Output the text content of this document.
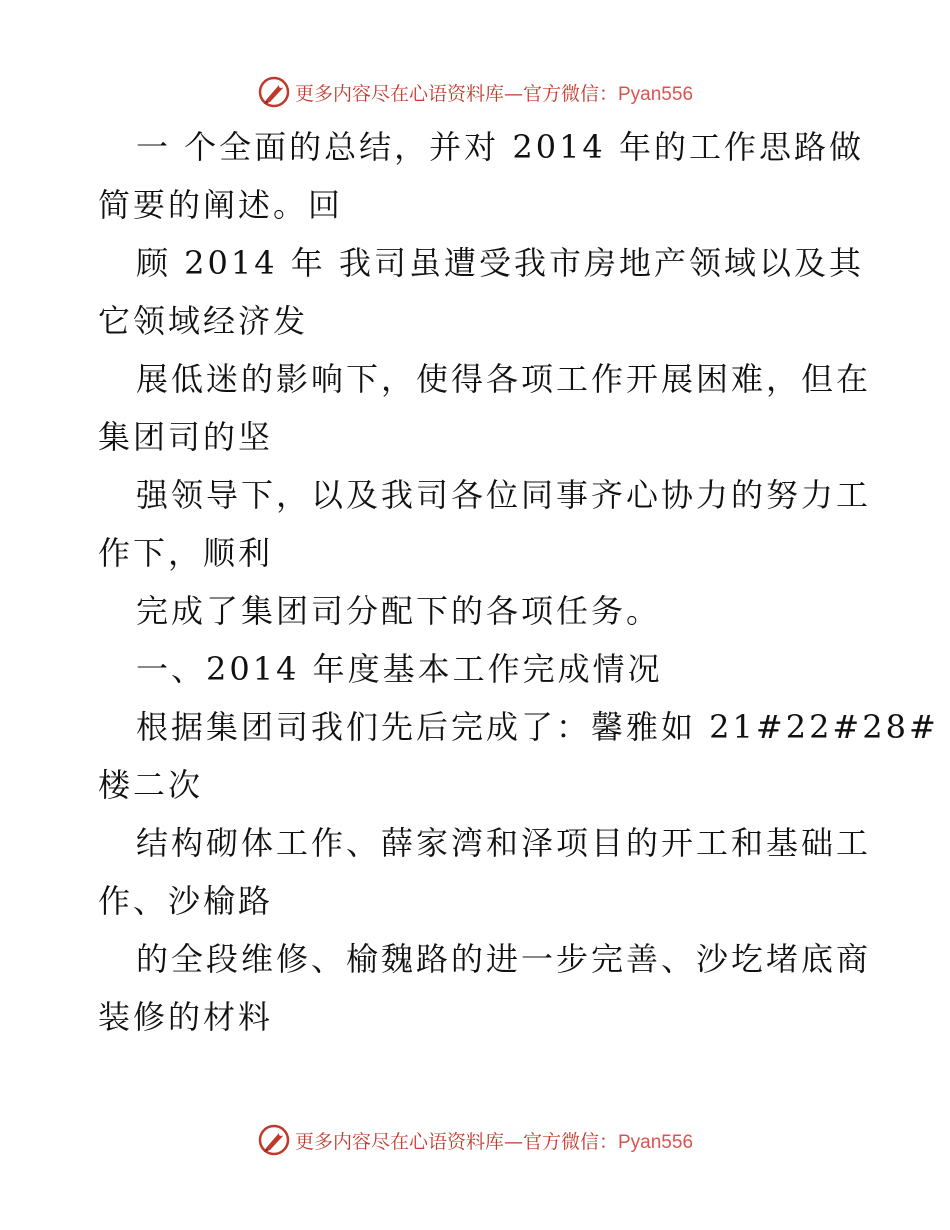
更多内容尽在心语资料库—官方微信：Pyan556
一 个全面的总结，并对 2014 年的工作思路做
简要的阐述。回
顾 2014 年 我司虽遭受我市房地产领域以及其
它领域经济发
展低迷的影响下，使得各项工作开展困难，但在
集团司的坚
强领导下，以及我司各位同事齐心协力的努力工
作下，顺利
完成了集团司分配下的各项任务。
一、2014 年度基本工作完成情况
根据集团司我们先后完成了：馨雅如 21#22#28#
楼二次
结构砌体工作、薛家湾和泽项目的开工和基础工
作、沙榆路
的全段维修、榆魏路的进一步完善、沙圪堵底商
装修的材料
更多内容尽在心语资料库—官方微信：Pyan556
